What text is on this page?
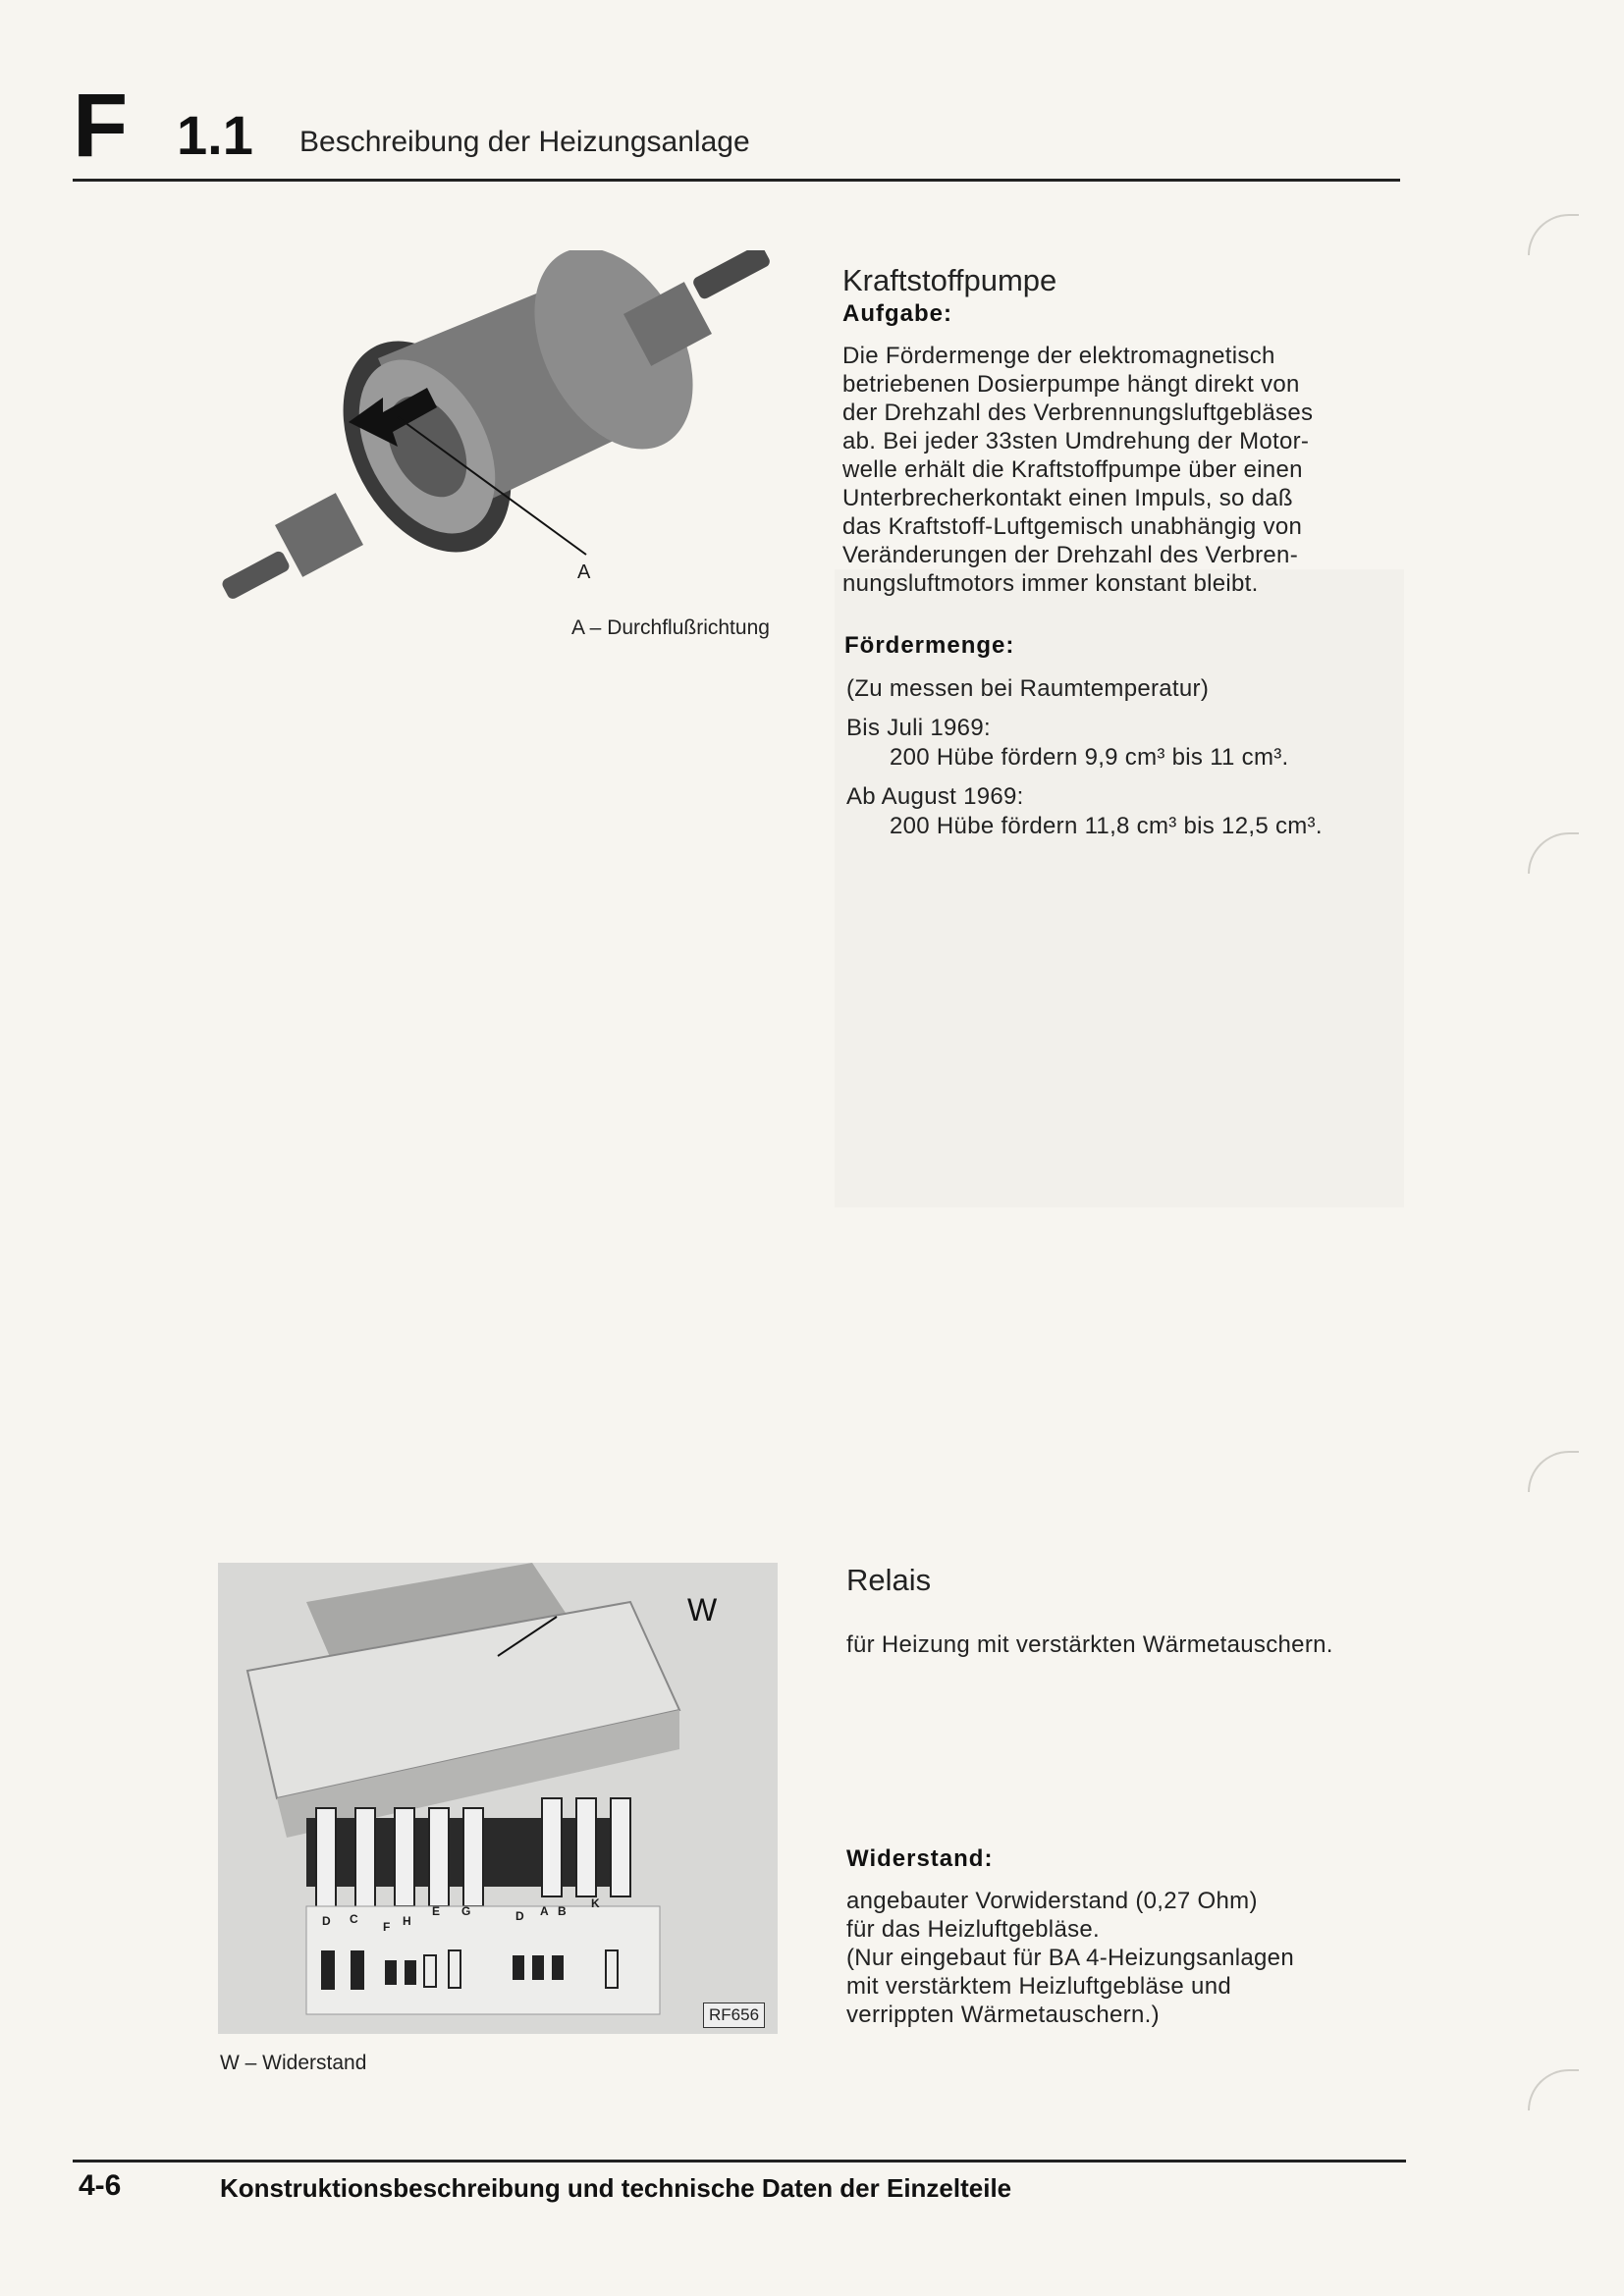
F 1.1 Beschreibung der Heizungsanlage
A
A – Durchflußrichtung
Kraftstoffpumpe
Aufgabe:
Die Fördermenge der elektromagnetisch
betriebenen Dosierpumpe hängt direkt von
der Drehzahl des Verbrennungsluftgebläses
ab. Bei jeder 33sten Umdrehung der Motor-
welle erhält die Kraftstoffpumpe über einen
Unterbrecherkontakt einen Impuls, so daß
das Kraftstoff-Luftgemisch unabhängig von
Veränderungen der Drehzahl des Verbren-
nungsluftmotors immer konstant bleibt.
Fördermenge:
(Zu messen bei Raumtemperatur)
Bis Juli 1969:
200 Hübe fördern 9,9 cm³ bis 11 cm³.
Ab August 1969:
200 Hübe fördern 11,8 cm³ bis 12,5 cm³.
W
RF656
W – Widerstand
D C
F H
E G	D A B
K
Relais
für Heizung mit verstärkten Wärmetauschern.
Widerstand:
angebauter Vorwiderstand (0,27 Ohm)
für das Heizluftgebläse.
(Nur eingebaut für BA 4-Heizungsanlagen
mit verstärktem Heizluftgebläse und
verrippten Wärmetauschern.)
4-6	Konstruktionsbeschreibung und technische Daten der Einzelteile
